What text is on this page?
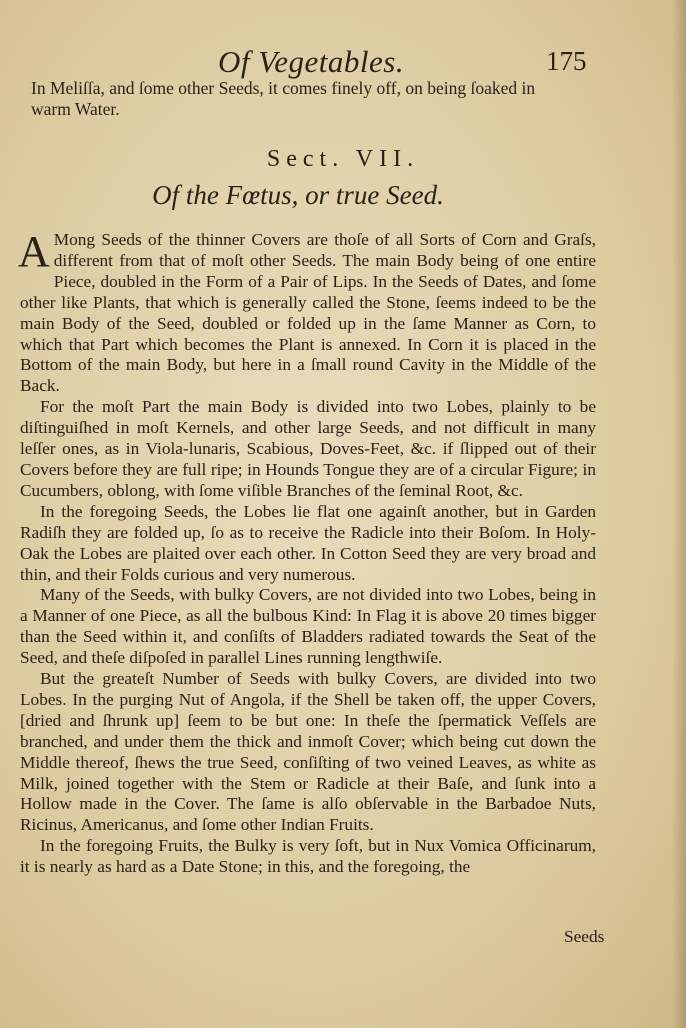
Of Vegetables.	175
In Meliſſa, and ſome other Seeds, it comes finely off, on being ſoaked in
warm Water.
Sect. VII.
Of the Fœtus, or true Seed.

A Mong Seeds of the thinner Covers are thoſe of all Sorts of Corn and Graſs, different from that of moſt other Seeds. The main Body being of one entire Piece, doubled in the Form of a Pair of Lips. In the Seeds of Dates, and ſome other like Plants, that which is generally called the Stone, ſeems indeed to be the main Body of the Seed, doubled or folded up in the ſame Manner as Corn, to which that Part which becomes the Plant is annexed. In Corn it is placed in the Bottom of the main Body, but here in a ſmall round Cavity in the Middle of the Back.

For the moſt Part the main Body is divided into two Lobes, plainly to be diſtinguiſhed in moſt Kernels, and other large Seeds, and not difficult in many leſſer ones, as in Viola-lunaris, Scabious, Doves-Feet, &c. if ſlipped out of their Covers before they are full ripe; in Hounds Tongue they are of a circular Figure; in Cucumbers, oblong, with ſome viſible Branches of the ſeminal Root, &c.

In the foregoing Seeds, the Lobes lie flat one againſt another, but in Garden Radiſh they are folded up, ſo as to receive the Radicle into their Boſom. In Holy-Oak the Lobes are plaited over each other. In Cotton Seed they are very broad and thin, and their Folds curious and very numerous.

Many of the Seeds, with bulky Covers, are not divided into two Lobes, being in a Manner of one Piece, as all the bulbous Kind: In Flag it is above 20 times bigger than the Seed within it, and conſiſts of Bladders radiated towards the Seat of the Seed, and theſe diſpoſed in parallel Lines running lengthwiſe.

But the greateſt Number of Seeds with bulky Covers, are divided into two Lobes. In the purging Nut of Angola, if the Shell be taken off, the upper Covers, [dried and ſhrunk up] ſeem to be but one: In theſe the ſpermatick Veſſels are branched, and under them the thick and inmoſt Cover; which being cut down the Middle thereof, ſhews the true Seed, conſiſting of two veined Leaves, as white as Milk, joined together with the Stem or Radicle at their Baſe, and ſunk into a Hollow made in the Cover. The ſame is alſo obſervable in the Barbadoe Nuts, Ricinus, Americanus, and ſome other Indian Fruits.

In the foregoing Fruits, the Bulky is very ſoft, but in Nux Vomica Officinarum, it is nearly as hard as a Date Stone; in this, and the foregoing, the

Seeds
